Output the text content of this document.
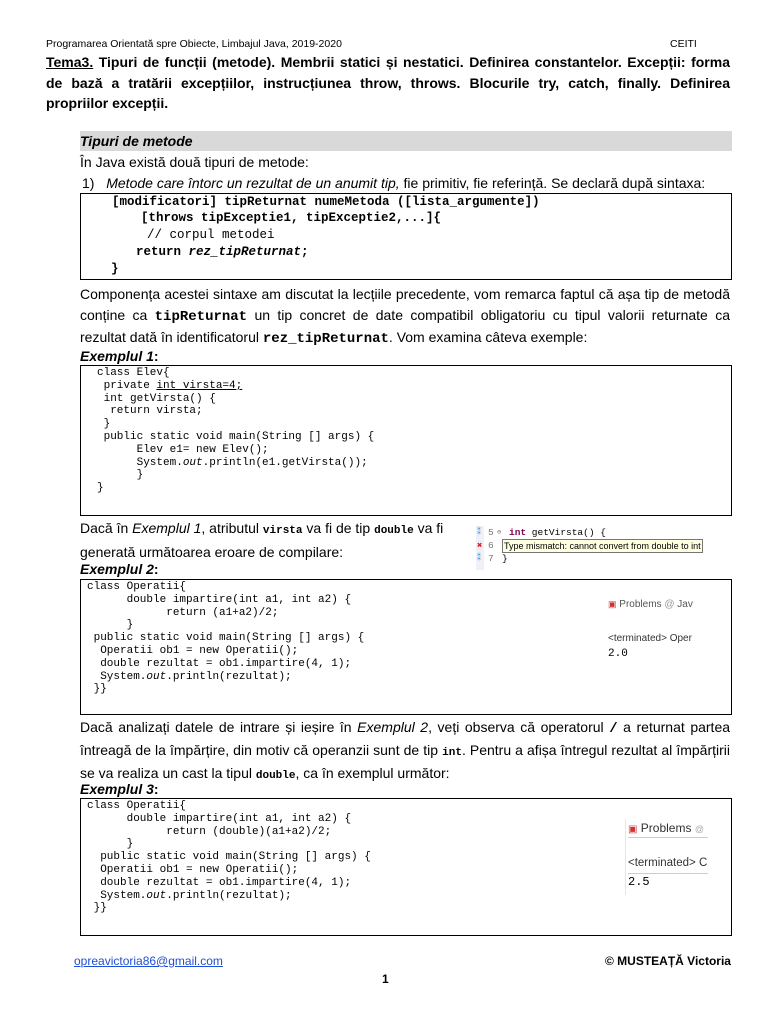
Programarea Orientată spre Obiecte, Limbajul Java, 2019-2020	CEITI
Tema3. Tipuri de funcții (metode). Membrii statici și nestatici. Definirea constantelor. Excepții: forma de bază a tratării excepțiilor, instrucțiunea throw, throws. Blocurile try, catch, finally. Definirea propriilor excepții.
Tipuri de metode
În Java există două tipuri de metode:
1) Metode care întorc un rezultat de un anumit tip, fie primitiv, fie referință. Se declară după sintaxa:
[modificatori] tipReturnat numeMetoda ([lista_argumente])
[throws tipExceptie1, tipExceptie2,...]{
// corpul metodei
return rez_tipReturnat;
}
Componența acestei sintaxe am discutat la lecțiile precedente, vom remarca faptul că așa tip de metodă conține ca tipReturnat un tip concret de date compatibil obligatoriu cu tipul valorii returnate ca rezultat dată în identificatorul rez_tipReturnat. Vom examina câteva exemple:
Exemplul 1:
class Elev{
private int virsta=4;
int getVirsta() {
return virsta;
}
public static void main(String [] args) {
Elev e1= new Elev();
System.out.println(e1.getVirsta());
}
}
Dacă în Exemplul 1, atributul virsta va fi de tip double va fi generată următoarea eroare de compilare:
⁑
✖
⁑
5
6
7
⊖ int getVirsta() {
Type mismatch: cannot convert from double to int
}
Exemplul 2:
class Operatii{
double impartire(int a1, int a2) {
return (a1+a2)/2;
}
public static void main(String [] args) {
Operatii ob1 = new Operatii();
double rezultat = ob1.impartire(4, 1);
System.out.println(rezultat);
}}
▣ Problems @ Jav
<terminated> Oper
2.0
Dacă analizați datele de intrare și ieșire în Exemplul 2, veți observa că operatorul / a returnat partea întreagă de la împărțire, din motiv că operanzii sunt de tip int. Pentru a afișa întregul rezultat al împărțirii se va realiza un cast la tipul double, ca în exemplul următor:
Exemplul 3:
class Operatii{
double impartire(int a1, int a2) {
return (double)(a1+a2)/2;
}
public static void main(String [] args) {
Operatii ob1 = new Operatii();
double rezultat = ob1.impartire(4, 1);
System.out.println(rezultat);
}}
▣ Problems @
<terminated> C
2.5
opreavictoria86@gmail.com	© MUSTEAȚĂ Victoria
1
